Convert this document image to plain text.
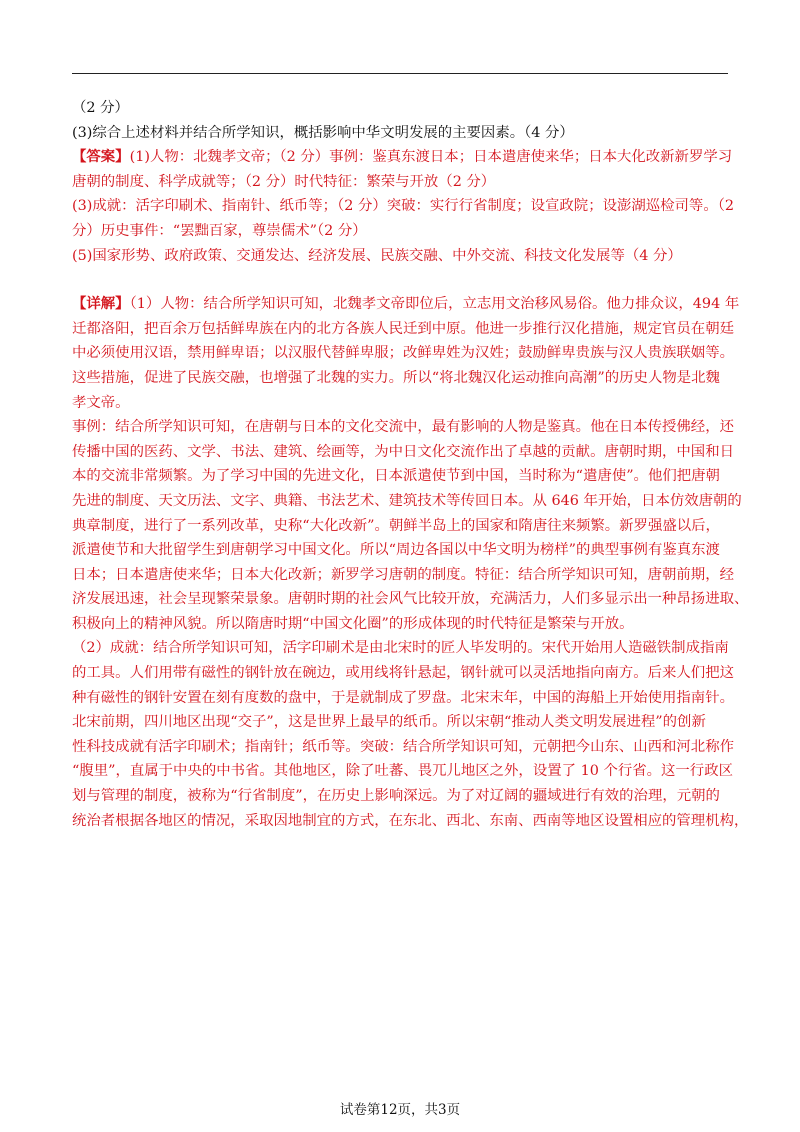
（2 分）
(3)综合上述材料并结合所学知识，概括影响中华文明发展的主要因素。（4 分）
【答案】(1)人物：北魏孝文帝；（2 分）事例：鉴真东渡日本；日本遣唐使来华；日本大化改新新罗学习
唐朝的制度、科学成就等；（2 分）时代特征：繁荣与开放（2 分）
(3)成就：活字印刷术、指南针、纸币等；（2 分）突破：实行行省制度；设宣政院；设澎湖巡检司等。（2
分）历史事件：“罢黜百家，尊崇儒术”（2 分）
(5)国家形势、政府政策、交通发达、经济发展、民族交融、中外交流、科技文化发展等（4 分）
【详解】（1）人物：结合所学知识可知，北魏孝文帝即位后，立志用文治移风易俗。他力排众议，494 年
迁都洛阳，把百余万包括鲜卑族在内的北方各族人民迁到中原。他进一步推行汉化措施，规定官员在朝廷
中必须使用汉语，禁用鲜卑语；以汉服代替鲜卑服；改鲜卑姓为汉姓；鼓励鲜卑贵族与汉人贵族联姻等。
这些措施，促进了民族交融，也增强了北魏的实力。所以“将北魏汉化运动推向高潮”的历史人物是北魏
孝文帝。
事例：结合所学知识可知，在唐朝与日本的文化交流中，最有影响的人物是鉴真。他在日本传授佛经，还
传播中国的医药、文学、书法、建筑、绘画等，为中日文化交流作出了卓越的贡献。唐朝时期，中国和日
本的交流非常频繁。为了学习中国的先进文化，日本派遣使节到中国，当时称为“遣唐使”。他们把唐朝
先进的制度、天文历法、文字、典籍、书法艺术、建筑技术等传回日本。从 646 年开始，日本仿效唐朝的
典章制度，进行了一系列改革，史称“大化改新”。朝鲜半岛上的国家和隋唐往来频繁。新罗强盛以后，
派遣使节和大批留学生到唐朝学习中国文化。所以“周边各国以中华文明为榜样”的典型事例有鉴真东渡
日本；日本遣唐使来华；日本大化改新；新罗学习唐朝的制度。特征：结合所学知识可知，唐朝前期，经
济发展迅速，社会呈现繁荣景象。唐朝时期的社会风气比较开放，充满活力，人们多显示出一种昂扬进取、
积极向上的精神风貌。所以隋唐时期“中国文化圈”的形成体现的时代特征是繁荣与开放。
（2）成就：结合所学知识可知，活字印刷术是由北宋时的匠人毕发明的。宋代开始用人造磁铁制成指南
的工具。人们用带有磁性的钢针放在碗边，或用线将针悬起，钢针就可以灵活地指向南方。后来人们把这
种有磁性的钢针安置在刻有度数的盘中，于是就制成了罗盘。北宋末年，中国的海船上开始使用指南针。
北宋前期，四川地区出现“交子”，这是世界上最早的纸币。所以宋朝“推动人类文明发展进程”的创新
性科技成就有活字印刷术；指南针；纸币等。突破：结合所学知识可知，元朝把今山东、山西和河北称作
“腹里”，直属于中央的中书省。其他地区，除了吐蕃、畏兀儿地区之外，设置了 10 个行省。这一行政区
划与管理的制度，被称为“行省制度”，在历史上影响深远。为了对辽阔的疆域进行有效的治理，元朝的
统治者根据各地区的情况，采取因地制宜的方式，在东北、西北、东南、西南等地区设置相应的管理机构，
试卷第12页，共3页
